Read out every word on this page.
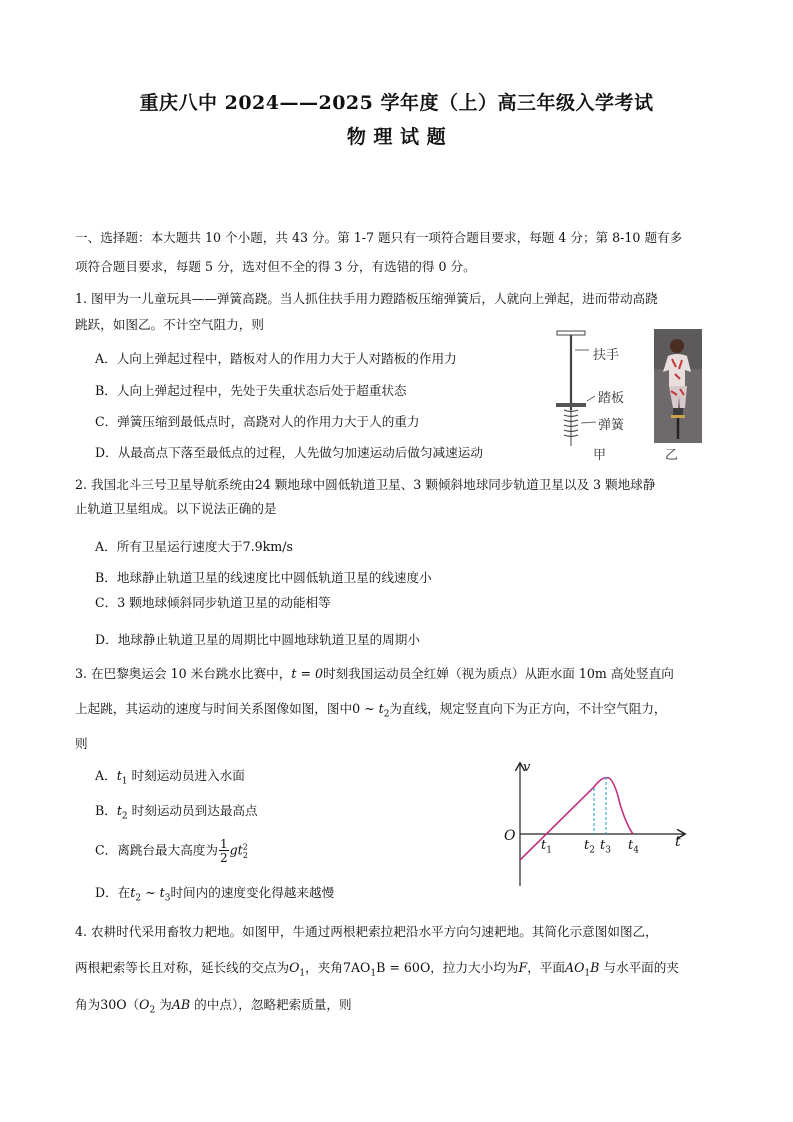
重庆八中 2024——2025 学年度（上）高三年级入学考试
物 理 试 题
一、选择题：本大题共 10 个小题，共 43 分。第 1-7 题只有一项符合题目要求，每题 4 分；第 8-10 题有多
项符合题目要求，每题 5 分，选对但不全的得 3 分，有选错的得 0 分。
1. 图甲为一儿童玩具——弹簧高跷。当人抓住扶手用力蹬踏板压缩弹簧后，人就向上弹起，进而带动高跷
跳跃，如图乙。不计空气阻力，则
A．人向上弹起过程中，踏板对人的作用力大于人对踏板的作用力
B．人向上弹起过程中，先处于失重状态后处于超重状态
C．弹簧压缩到最低点时，高跷对人的作用力大于人的重力
D．从最高点下落至最低点的过程，人先做匀加速运动后做匀减速运动
扶手
踏板
弹簧
甲	乙
2. 我国北斗三号卫星导航系统由24 颗地球中圆低轨道卫星、3 颗倾斜地球同步轨道卫星以及 3 颗地球静
止轨道卫星组成。以下说法正确的是
A．所有卫星运行速度大于7.9km/s
B．地球静止轨道卫星的线速度比中圆低轨道卫星的线速度小
C．3 颗地球倾斜同步轨道卫星的动能相等
D．地球静止轨道卫星的周期比中圆地球轨道卫星的周期小
3. 在巴黎奥运会 10 米台跳水比赛中，t = 0时刻我国运动员全红婵（视为质点）从距水面 10m 高处竖直向
上起跳，其运动的速度与时间关系图像如图，图中0 ~ $t_2$为直线，规定竖直向下为正方向，不计空气阻力，
则
A．$t_1$ 时刻运动员进入水面
B．$t_2$ 时刻运动员到达最高点
C．离跳台最大高度为 $\frac{1}{2} gt^2_2$
D．在$t_2$ ~ $t_3$时间内的速度变化得越来越慢
v
O	t
$t_1$ $t_2$ $t_3$ $t_4$
4. 农耕时代采用畜牧力耙地。如图甲，牛通过两根耙索拉耙沿水平方向匀速耙地。其简化示意图如图乙，
两根耙索等长且对称，延长线的交点为$O_1$，夹角$7AO_1B = 60O$，拉力大小均为F，平面$AO_1B$ 与水平面的夹
角为$30O(O_2$ 为AB 的中点），忽略耙索质量，则
